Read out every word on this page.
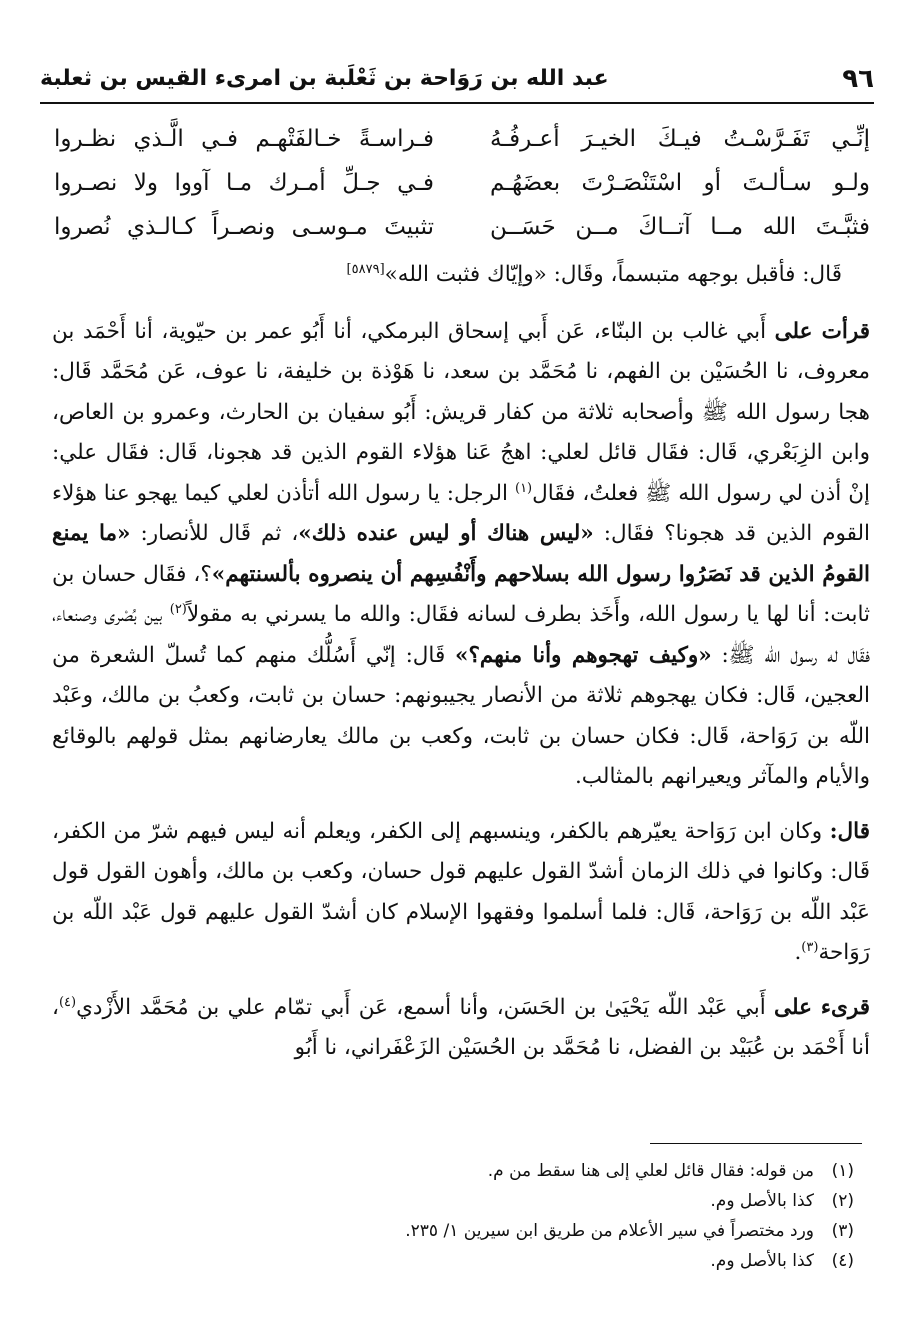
٩٦
عبد الله بن رَوَاحة بن ثَعْلَبة بن امرىء القيس بن ثعلبة
إنِّـي تَفَـرَّسْـتُ فيـكَ الخيـرَ أعـرفُـهُ
فـراسـةً خـالفَتْهـم فـي الَّـذي نظـروا
ولـو سـألـتَ أو اسْتَنْصَـرْتَ بعضَهُـم
فـي جـلِّ أمـرك مـا آووا ولا نصـروا
فثبَّـتَ الله مــا آتــاكَ مــن حَسَــن
تثبيتَ مـوسـى ونصـراً كـالـذي نُصروا

قَال: فأقبل بوجهه متبسماً، وقَال: «وإيّاك فثبت الله»[٥٨٧٩]

قرأت على أَبي غالب بن البنّاء، عَن أَبي إسحاق البرمكي، أنا أَبُو عمر بن حيّوية، أنا أَحْمَد بن معروف، نا الحُسَيْن بن الفهم، نا مُحَمَّد بن سعد، نا هَوْذة بن خليفة، نا عوف، عَن مُحَمَّد قَال: هجا رسول الله ﷺ وأصحابه ثلاثة من كفار قريش: أَبُو سفيان بن الحارث، وعمرو بن العاص، وابن الزِبَعْري، قَال: فقَال قائل لعلي: اهجُ عَنا هؤلاء القوم الذين قد هجونا، قَال: فقَال علي: إنْ أذن لي رسول الله ﷺ فعلتُ، فقَال$^{(١)}$ الرجل: يا رسول الله أتأذن لعلي كيما يهجو عنا هؤلاء القوم الذين قد هجونا؟ فقَال: «ليس هناك أو ليس عنده ذلك»، ثم قَال للأنصار: «ما يمنع القومُ الذين قد نَصَرُوا رسول الله بسلاحهم وأَنْفُسِهم أن ينصروه بألسنتهم»؟، فقَال حسان بن ثابت: أنا لها يا رسول الله، وأَخَذ بطرف لسانه فقَال: والله ما يسرني به مقولاً$^{(٢)}$ بين بُصْرى وصنعاء، فقَال له رسول الله ﷺ: «وكيف تهجوهم وأنا منهم؟» قَال: إنّي أَسُلُّك منهم كما تُسلّ الشعرة من العجين، قَال: فكان يهجوهم ثلاثة من الأنصار يجيبونهم: حسان بن ثابت، وكعبُ بن مالك، وعَبْد اللّه بن رَوَاحة، قَال: فكان حسان بن ثابت، وكعب بن مالك يعارضانهم بمثل قولهم بالوقائع والأيام والمآثر ويعيرانهم بالمثالب.

قال: وكان ابن رَوَاحة يعيّرهم بالكفر، وينسبهم إلى الكفر، ويعلم أنه ليس فيهم شرّ من الكفر، قَال: وكانوا في ذلك الزمان أشدّ القول عليهم قول حسان، وكعب بن مالك، وأهون القول قول عَبْد اللّه بن رَوَاحة، قَال: فلما أسلموا وفقهوا الإسلام كان أشدّ القول عليهم قول عَبْد اللّه بن رَوَاحة$^{(٣)}$.

قرىء على أَبي عَبْد اللّه يَحْيَىٰ بن الحَسَن، وأنا أسمع، عَن أَبي تمّام علي بن مُحَمَّد الأَزْدي$^{(٤)}$، أنا أَحْمَد بن عُبَيْد بن الفضل، نا مُحَمَّد بن الحُسَيْن الزَعْفَراني، نا أَبُو

(١)من قوله: فقال قائل لعلي إلى هنا سقط من م.
(٢)كذا بالأصل وم.
(٣)ورد مختصراً في سير الأعلام من طريق ابن سيرين ١/ ٢٣٥.
(٤)كذا بالأصل وم.
